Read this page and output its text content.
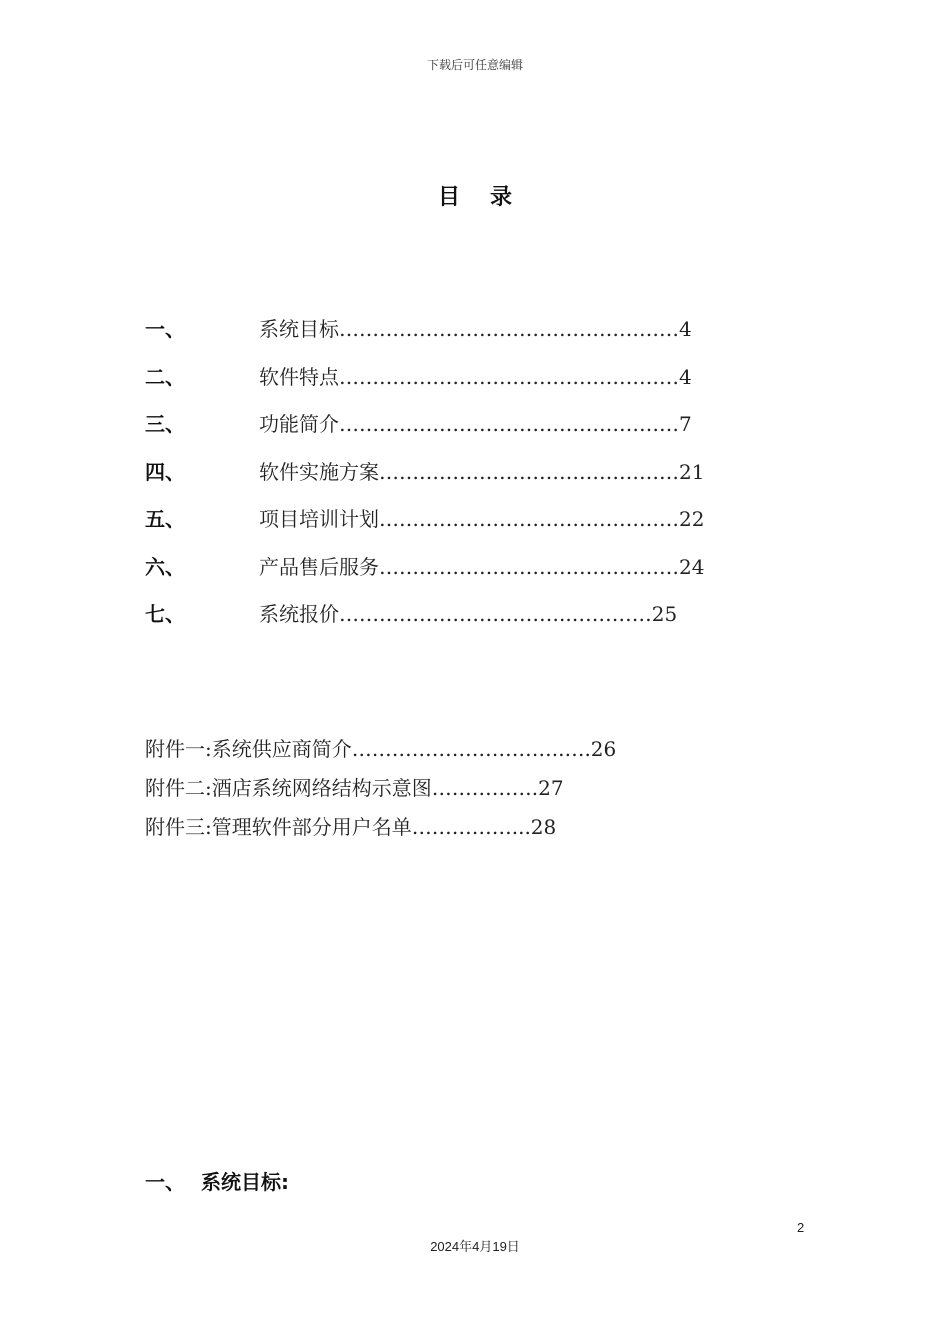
下载后可任意编辑
目录
一、	系统目标……………………………………………4
二、	软件特点……………………………………………4
三、	功能简介……………………………………………7
四、	软件实施方案………………………………………21
五、	项目培训计划………………………………………22
六、	产品售后服务………………………………………24
七、	系统报价……………………………..…………25
附件一:系统供应商简介…………………………..….26
附件二:酒店系统网络结构示意图…………….27
附件三:管理软件部分用户名单……………...28
一、 系统目标:
2
2024年4月19日
